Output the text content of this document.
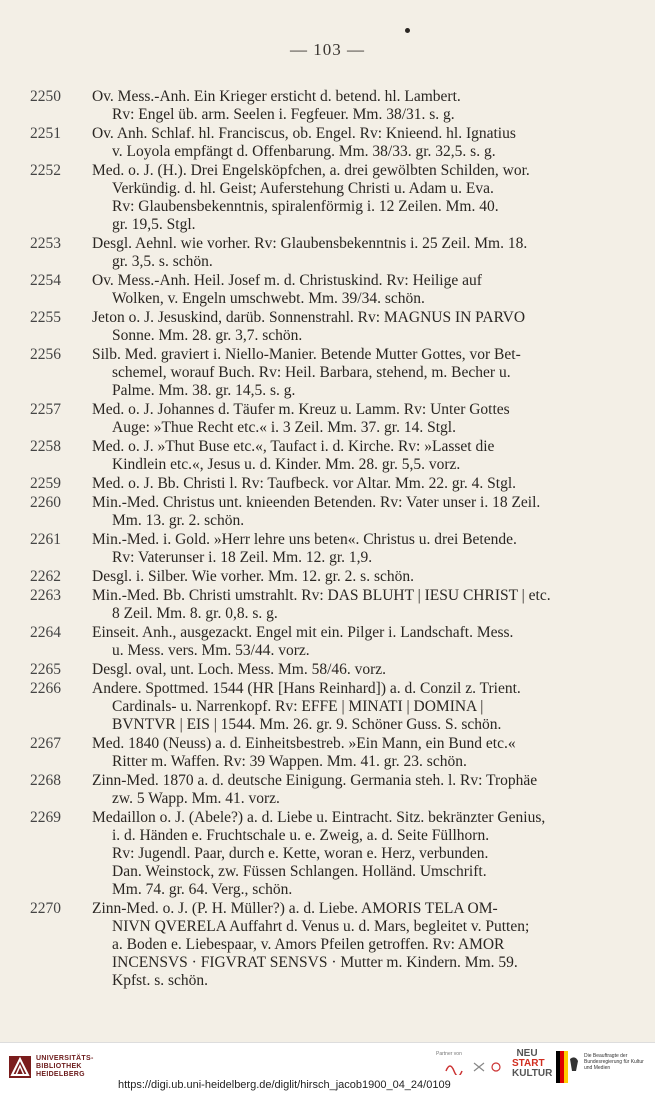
— 103 —
2250	Ov. Mess.-Anh. Ein Krieger ersticht d. betend. hl. Lambert.
Rv: Engel üb. arm. Seelen i. Fegfeuer. Mm. 38/31. s. g.
2251	Ov. Anh. Schlaf. hl. Franciscus, ob. Engel. Rv: Knieend. hl. Ignatius
v. Loyola empfängt d. Offenbarung. Mm. 38/33. gr. 32,5. s. g.
2252	Med. o. J. (H.). Drei Engelsköpfchen, a. drei gewölbten Schilden, wor.
Verkündig. d. hl. Geist; Auferstehung Christi u. Adam u. Eva.
Rv: Glaubensbekenntnis, spiralenförmig i. 12 Zeilen. Mm. 40.
gr. 19,5. Stgl.
2253	Desgl. Aehnl. wie vorher. Rv: Glaubensbekenntnis i. 25 Zeil. Mm. 18.
gr. 3,5. s. schön.
2254	Ov. Mess.-Anh. Heil. Josef m. d. Christuskind. Rv: Heilige auf
Wolken, v. Engeln umschwebt. Mm. 39/34. schön.
2255	Jeton o. J. Jesuskind, darüb. Sonnenstrahl. Rv: MAGNUS IN PARVO
Sonne. Mm. 28. gr. 3,7. schön.
2256	Silb. Med. graviert i. Niello-Manier. Betende Mutter Gottes, vor Bet-
schemel, worauf Buch. Rv: Heil. Barbara, stehend, m. Becher u.
Palme. Mm. 38. gr. 14,5. s. g.
2257	Med. o. J. Johannes d. Täufer m. Kreuz u. Lamm. Rv: Unter Gottes
Auge: »Thue Recht etc.« i. 3 Zeil. Mm. 37. gr. 14. Stgl.
2258	Med. o. J. »Thut Buse etc.«, Taufact i. d. Kirche. Rv: »Lasset die
Kindlein etc.«, Jesus u. d. Kinder. Mm. 28. gr. 5,5. vorz.
2259	Med. o. J. Bb. Christi l. Rv: Taufbeck. vor Altar. Mm. 22. gr. 4. Stgl.
2260	Min.-Med. Christus unt. knieenden Betenden. Rv: Vater unser i. 18 Zeil.
Mm. 13. gr. 2. schön.
2261	Min.-Med. i. Gold. »Herr lehre uns beten«. Christus u. drei Betende.
Rv: Vaterunser i. 18 Zeil. Mm. 12. gr. 1,9.
2262	Desgl. i. Silber. Wie vorher. Mm. 12. gr. 2. s. schön.
2263	Min.-Med. Bb. Christi umstrahlt. Rv: DAS BLUHT | IESU CHRIST | etc.
8 Zeil. Mm. 8. gr. 0,8. s. g.
2264	Einseit. Anh., ausgezackt. Engel mit ein. Pilger i. Landschaft. Mess.
u. Mess. vers. Mm. 53/44. vorz.
2265	Desgl. oval, unt. Loch. Mess. Mm. 58/46. vorz.
2266	Andere. Spottmed. 1544 (HR [Hans Reinhard]) a. d. Conzil z. Trient.
Cardinals- u. Narrenkopf. Rv: EFFE | MINATI | DOMINA |
BVNTVR | EIS | 1544. Mm. 26. gr. 9. Schöner Guss. S. schön.
2267	Med. 1840 (Neuss) a. d. Einheitsbestreb. »Ein Mann, ein Bund etc.«
Ritter m. Waffen. Rv: 39 Wappen. Mm. 41. gr. 23. schön.
2268	Zinn-Med. 1870 a. d. deutsche Einigung. Germania steh. l. Rv: Trophäe
zw. 5 Wapp. Mm. 41. vorz.
2269	Medaillon o. J. (Abele?) a. d. Liebe u. Eintracht. Sitz. bekränzter Genius,
i. d. Händen e. Fruchtschale u. e. Zweig, a. d. Seite Füllhorn.
Rv: Jugendl. Paar, durch e. Kette, woran e. Herz, verbunden.
Dan. Weinstock, zw. Füssen Schlangen. Holländ. Umschrift.
Mm. 74. gr. 64. Verg., schön.
2270	Zinn-Med. o. J. (P. H. Müller?) a. d. Liebe. AMORIS TELA OM-
NIVN QVERELA Auffahrt d. Venus u. d. Mars, begleitet v. Putten;
a. Boden e. Liebespaar, v. Amors Pfeilen getroffen. Rv: AMOR
INCENSVS · FIGVRAT SENSVS · Mutter m. Kindern. Mm. 59.
Kpfst. s. schön.
UNIVERSITÄTS-
BIBLIOTHEK
HEIDELBERG
Partner von
https://digi.ub.uni-heidelberg.de/diglit/hirsch_jacob1900_04_24/0109
NEU
START
KULTUR
Die Beauftragte der Bundesregierung für Kultur und Medien
